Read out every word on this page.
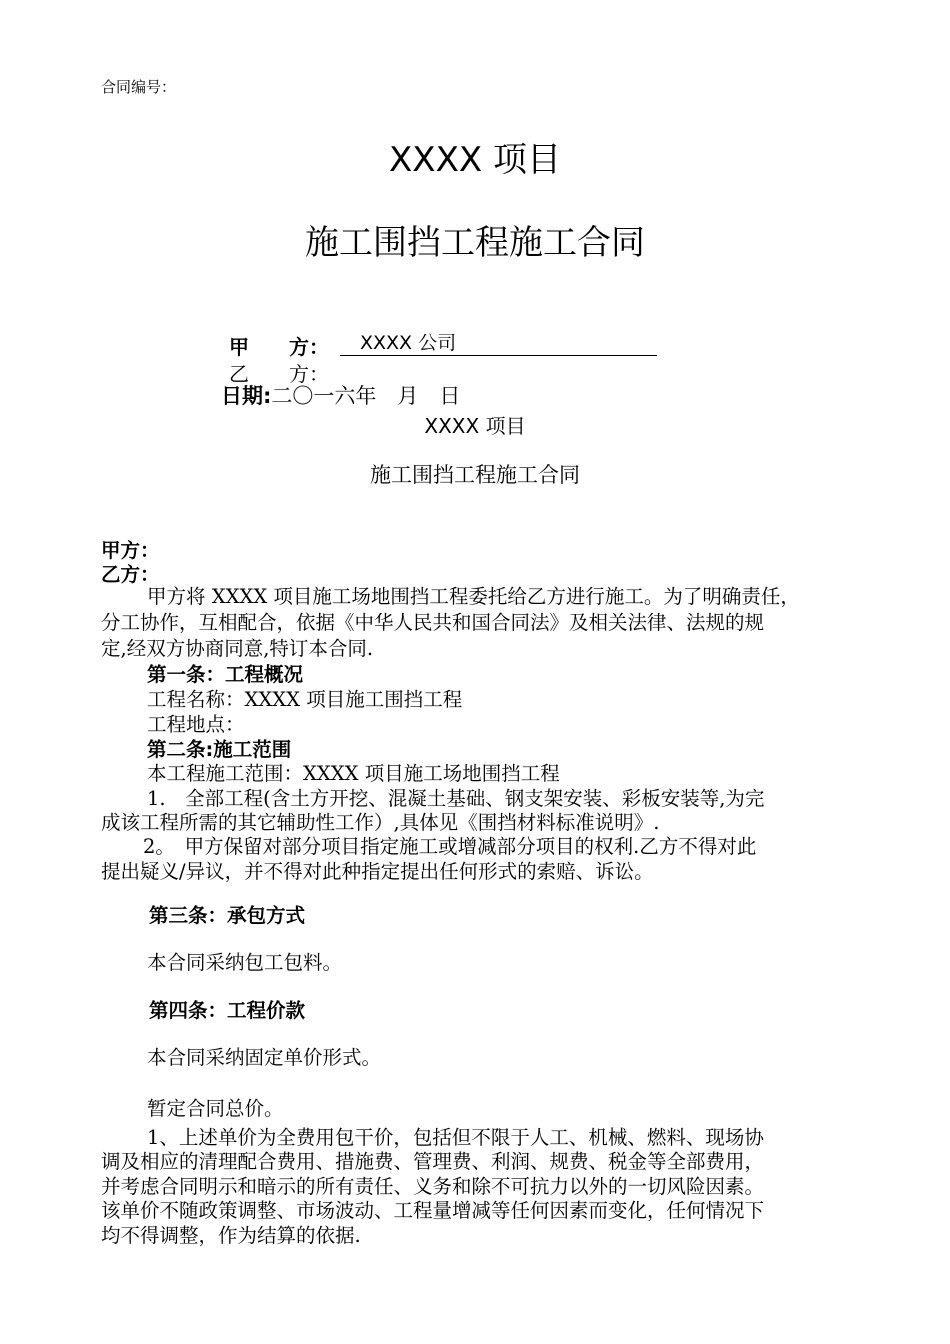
合同编号：
XXXX 项目
施工围挡工程施工合同
甲　　方：	XXXX 公司
乙　　方：
日期:二〇一六年　月　日
XXXX 项目
施工围挡工程施工合同
甲方：
乙方：
甲方将 XXXX 项目施工场地围挡工程委托给乙方进行施工。为了明确责任，
分工协作，互相配合，依据《中华人民共和国合同法》及相关法律、法规的规
定,经双方协商同意,特订本合同.
第一条：工程概况
工程名称：XXXX 项目施工围挡工程
工程地点：
第二条:施工范围
本工程施工范围：XXXX 项目施工场地围挡工程
1.　全部工程(含土方开挖、混凝土基础、钢支架安装、彩板安装等,为完
成该工程所需的其它辅助性工作）,具体见《围挡材料标准说明》.
2。　甲方保留对部分项目指定施工或增减部分项目的权利.乙方不得对此
提出疑义/异议，并不得对此种指定提出任何形式的索赔、诉讼。
第三条：承包方式
本合同采纳包工包料。
第四条：工程价款
本合同采纳固定单价形式。
暂定合同总价。
1、上述单价为全费用包干价，包括但不限于人工、机械、燃料、现场协
调及相应的清理配合费用、措施费、管理费、利润、规费、税金等全部费用，
并考虑合同明示和暗示的所有责任、义务和除不可抗力以外的一切风险因素。
该单价不随政策调整、市场波动、工程量增减等任何因素而变化，任何情况下
均不得调整，作为结算的依据.
